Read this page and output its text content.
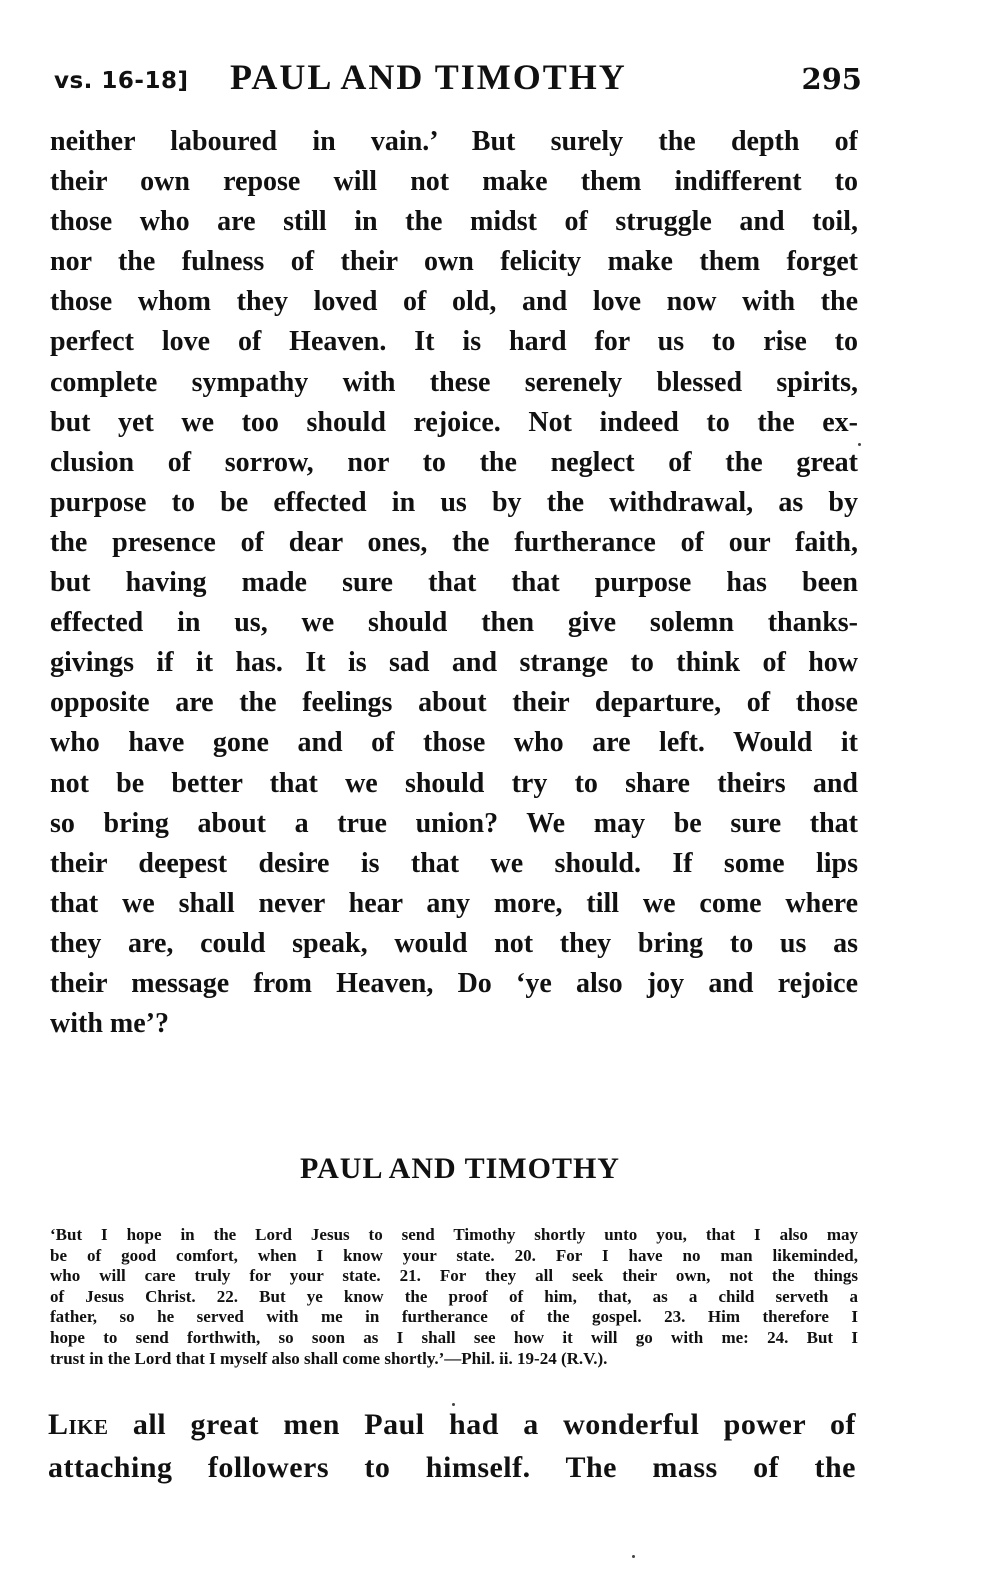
vs. 16-18] PAUL AND TIMOTHY	295
neither laboured in vain.’ But surely the depth of
their own repose will not make them indifferent to
those who are still in the midst of struggle and toil,
nor the fulness of their own felicity make them forget
those whom they loved of old, and love now with the
perfect love of Heaven. It is hard for us to rise to
complete sympathy with these serenely blessed spirits,
but yet we too should rejoice. Not indeed to the ex-
clusion of sorrow, nor to the neglect of the great
purpose to be effected in us by the withdrawal, as by
the presence of dear ones, the furtherance of our faith,
but having made sure that that purpose has been
effected in us, we should then give solemn thanks-
givings if it has. It is sad and strange to think of how
opposite are the feelings about their departure, of those
who have gone and of those who are left. Would it
not be better that we should try to share theirs and
so bring about a true union? We may be sure that
their deepest desire is that we should. If some lips
that we shall never hear any more, till we come where
they are, could speak, would not they bring to us as
their message from Heaven, Do ‘ye also joy and rejoice
with me’?
PAUL AND TIMOTHY
‘But I hope in the Lord Jesus to send Timothy shortly unto you, that I also may
be of good comfort, when I know your state. 20. For I have no man likeminded,
who will care truly for your state. 21. For they all seek their own, not the things
of Jesus Christ. 22. But ye know the proof of him, that, as a child serveth a
father, so he served with me in furtherance of the gospel. 23. Him therefore I
hope to send forthwith, so soon as I shall see how it will go with me: 24. But I
trust in the Lord that I myself also shall come shortly.’—Phil. ii. 19-24 (R.V.).
Like all great men Paul had a wonderful power of
attaching followers to himself. The mass of the
